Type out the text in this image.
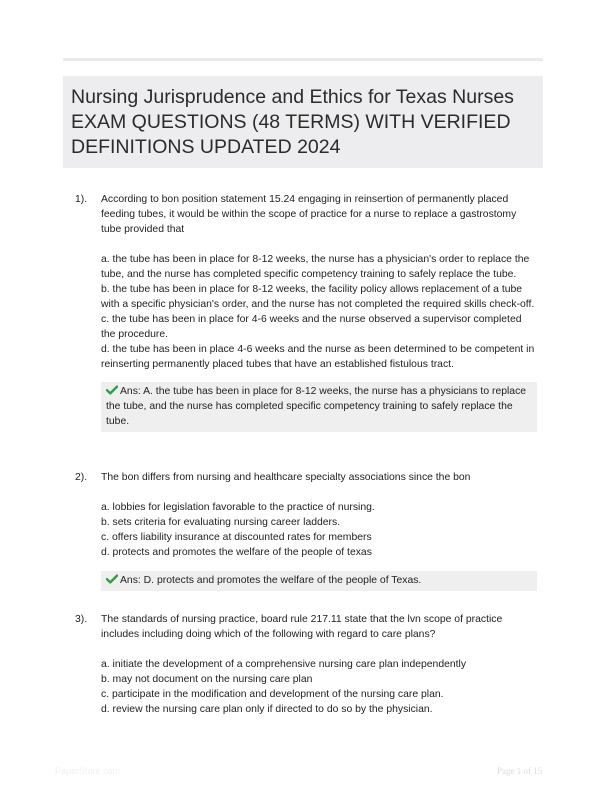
Nursing Jurisprudence and Ethics for Texas Nurses EXAM QUESTIONS (48 TERMS) WITH VERIFIED DEFINITIONS UPDATED 2024
1). According to bon position statement 15.24 engaging in reinsertion of permanently placed feeding tubes, it would be within the scope of practice for a nurse to replace a gastrostomy tube provided that

a. the tube has been in place for 8-12 weeks, the nurse has a physician's order to replace the tube, and the nurse has completed specific competency training to safely replace the tube.
b. the tube has been in place for 8-12 weeks, the facility policy allows replacement of a tube with a specific physician's order, and the nurse has not completed the required skills check-off.
c. the tube has been in place for 4-6 weeks and the nurse observed a supervisor completed the procedure.
d. the tube has been in place 4-6 weeks and the nurse as been determined to be competent in reinserting permanently placed tubes that have an established fistulous tract.
Ans: A. the tube has been in place for 8-12 weeks, the nurse has a physicians to replace the tube, and the nurse has completed specific competency training to safely replace the tube.
2). The bon differs from nursing and healthcare specialty associations since the bon

a. lobbies for legislation favorable to the practice of nursing.
b. sets criteria for evaluating nursing career ladders.
c. offers liability insurance at discounted rates for members
d. protects and promotes the welfare of the people of texas
Ans: D. protects and promotes the welfare of the people of Texas.
3). The standards of nursing practice, board rule 217.11 state that the lvn scope of practice includes including doing which of the following with regard to care plans?

a. initiate the development of a comprehensive nursing care plan independently
b. may not document on the nursing care plan
c. participate in the modification and development of the nursing care plan.
d. review the nursing care plan only if directed to do so by the physician.
PaperStore.com	Page 1 of 15
